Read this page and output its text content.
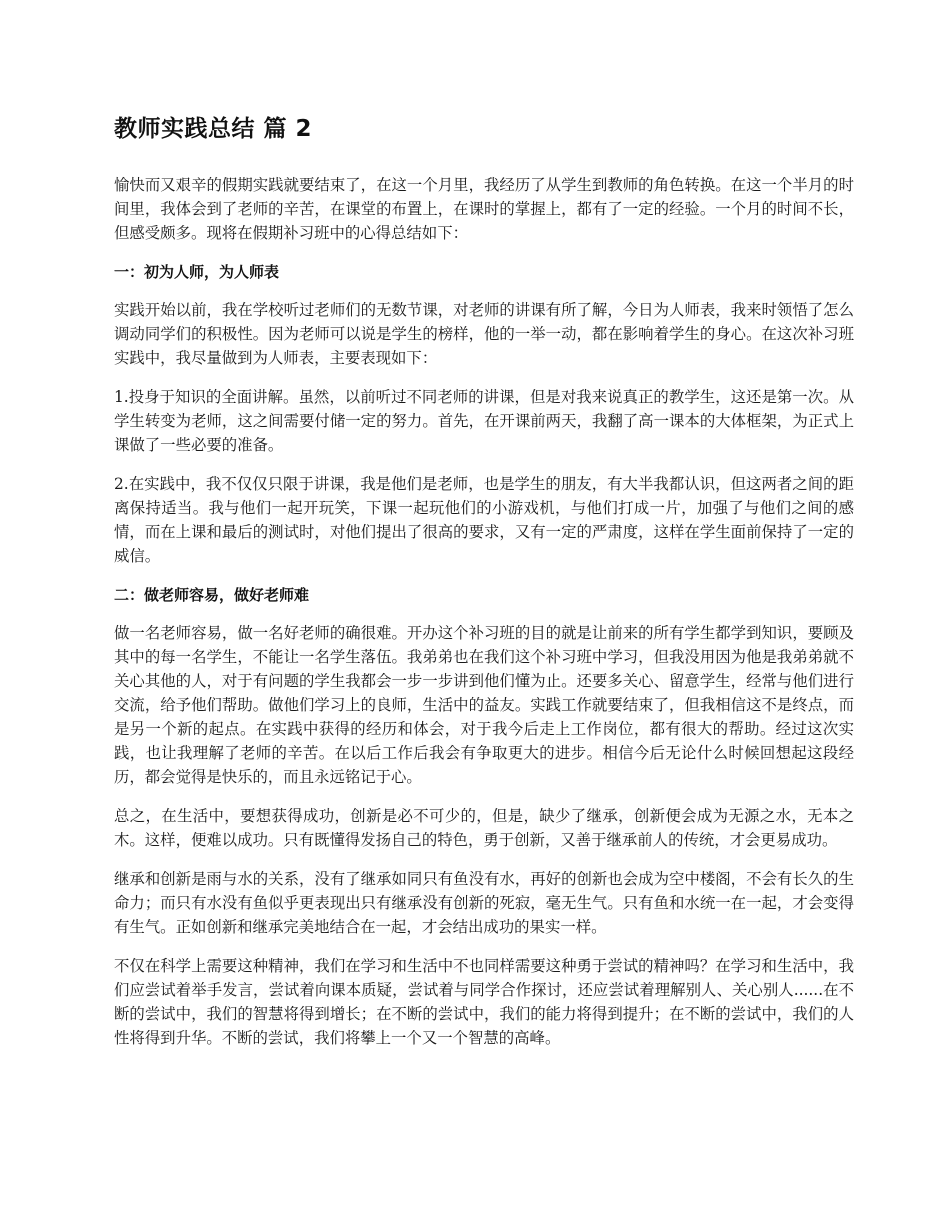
教师实践总结 篇 2

愉快而又艰辛的假期实践就要结束了，在这一个月里，我经历了从学生到教师的角色转换。在这一个半月的时间里，我体会到了老师的辛苦，在课堂的布置上，在课时的掌握上，都有了一定的经验。一个月的时间不长，但感受颇多。现将在假期补习班中的心得总结如下：

一：初为人师，为人师表

实践开始以前，我在学校听过老师们的无数节课，对老师的讲课有所了解，今日为人师表，我来时领悟了怎么调动同学们的积极性。因为老师可以说是学生的榜样，他的一举一动，都在影响着学生的身心。在这次补习班实践中，我尽量做到为人师表，主要表现如下：

1.投身于知识的全面讲解。虽然，以前听过不同老师的讲课，但是对我来说真正的教学生，这还是第一次。从学生转变为老师，这之间需要付储一定的努力。首先，在开课前两天，我翻了高一课本的大体框架，为正式上课做了一些必要的准备。

2.在实践中，我不仅仅只限于讲课，我是他们是老师，也是学生的朋友，有大半我都认识，但这两者之间的距离保持适当。我与他们一起开玩笑，下课一起玩他们的小游戏机，与他们打成一片，加强了与他们之间的感情，而在上课和最后的测试时，对他们提出了很高的要求，又有一定的严肃度，这样在学生面前保持了一定的威信。

二：做老师容易，做好老师难

做一名老师容易，做一名好老师的确很难。开办这个补习班的目的就是让前来的所有学生都学到知识，要顾及其中的每一名学生，不能让一名学生落伍。我弟弟也在我们这个补习班中学习，但我没用因为他是我弟弟就不关心其他的人，对于有问题的学生我都会一步一步讲到他们懂为止。还要多关心、留意学生，经常与他们进行交流，给予他们帮助。做他们学习上的良师，生活中的益友。实践工作就要结束了，但我相信这不是终点，而是另一个新的起点。在实践中获得的经历和体会，对于我今后走上工作岗位，都有很大的帮助。经过这次实践，也让我理解了老师的辛苦。在以后工作后我会有争取更大的进步。相信今后无论什么时候回想起这段经历，都会觉得是快乐的，而且永远铭记于心。

总之，在生活中，要想获得成功，创新是必不可少的，但是，缺少了继承，创新便会成为无源之水，无本之木。这样，便难以成功。只有既懂得发扬自己的特色，勇于创新，又善于继承前人的传统，才会更易成功。

继承和创新是雨与水的关系，没有了继承如同只有鱼没有水，再好的创新也会成为空中楼阁，不会有长久的生命力；而只有水没有鱼似乎更表现出只有继承没有创新的死寂，毫无生气。只有鱼和水统一在一起，才会变得有生气。正如创新和继承完美地结合在一起，才会结出成功的果实一样。

不仅在科学上需要这种精神，我们在学习和生活中不也同样需要这种勇于尝试的精神吗？在学习和生活中，我们应尝试着举手发言，尝试着向课本质疑，尝试着与同学合作探讨，还应尝试着理解别人、关心别人......在不断的尝试中，我们的智慧将得到增长；在不断的尝试中，我们的能力将得到提升；在不断的尝试中，我们的人性将得到升华。不断的尝试，我们将攀上一个又一个智慧的高峰。
